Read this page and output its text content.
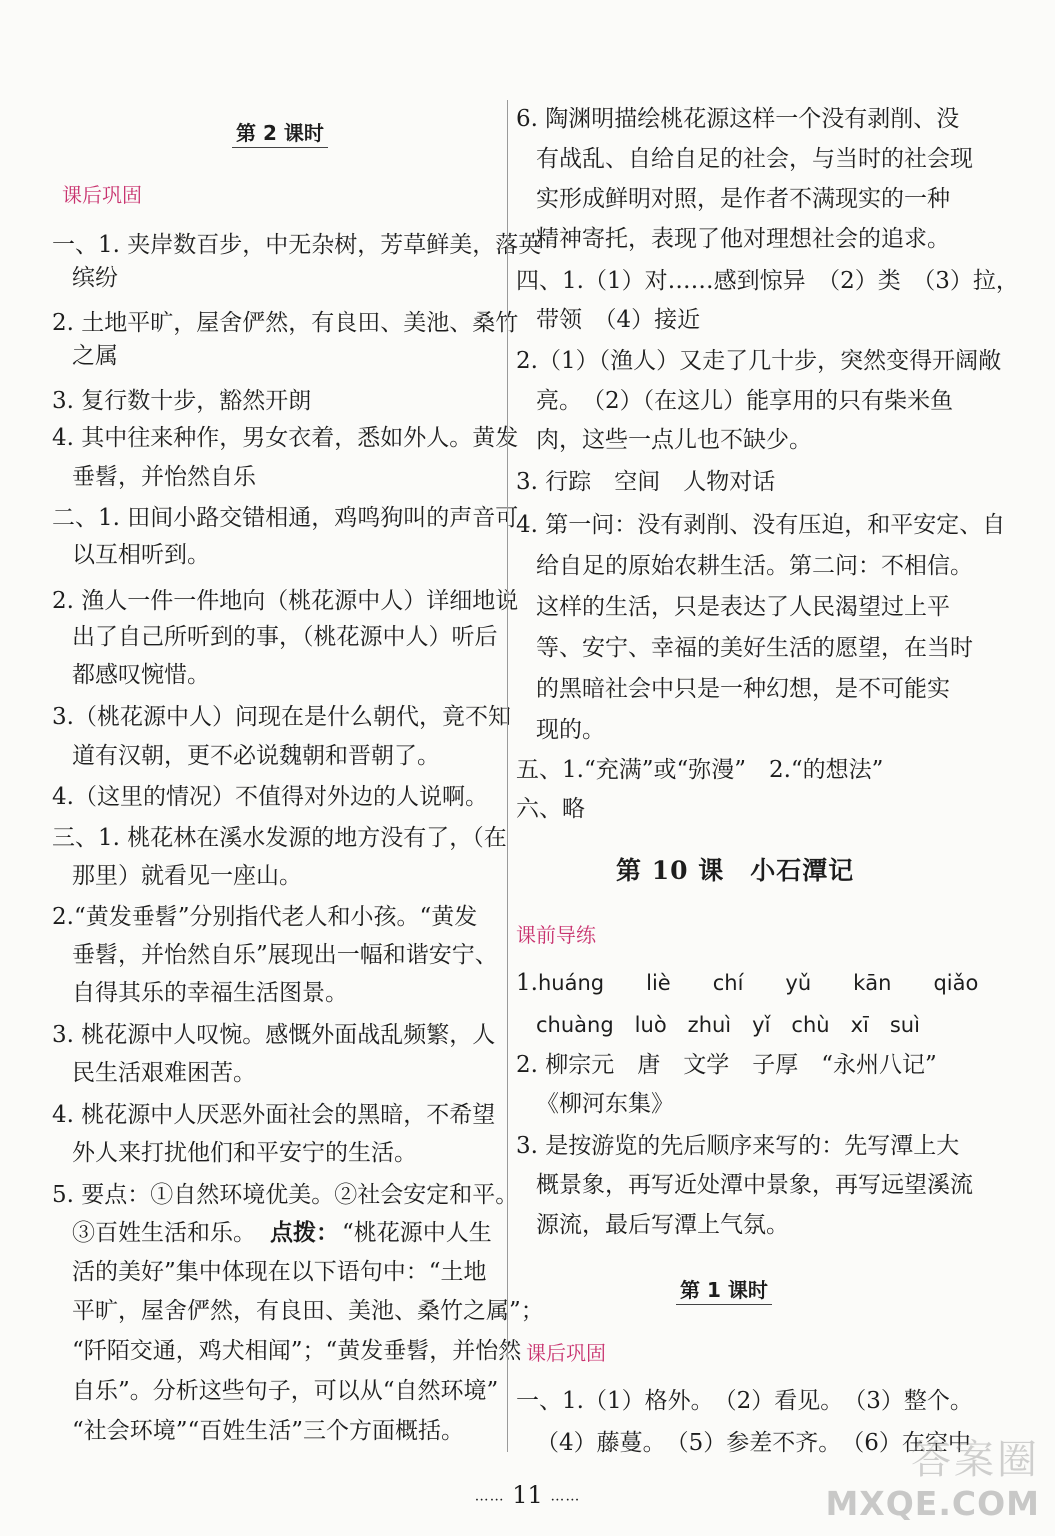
第 2 课时
课后巩固
一、1. 夹岸数百步，中无杂树，芳草鲜美，落英
缤纷
2. 土地平旷，屋舍俨然，有良田、美池、桑竹
之属
3. 复行数十步，豁然开朗
4. 其中往来种作，男女衣着，悉如外人。黄发
垂髫，并怡然自乐
二、1. 田间小路交错相通，鸡鸣狗叫的声音可
以互相听到。
2. 渔人一件一件地向（桃花源中人）详细地说
出了自己所听到的事，（桃花源中人）听后
都感叹惋惜。
3.（桃花源中人）问现在是什么朝代，竟不知
道有汉朝，更不必说魏朝和晋朝了。
4.（这里的情况）不值得对外边的人说啊。
三、1. 桃花林在溪水发源的地方没有了，（在
那里）就看见一座山。
2.“黄发垂髫”分别指代老人和小孩。“黄发
垂髫，并怡然自乐”展现出一幅和谐安宁、
自得其乐的幸福生活图景。
3. 桃花源中人叹惋。感慨外面战乱频繁，人
民生活艰难困苦。
4. 桃花源中人厌恶外面社会的黑暗，不希望
外人来打扰他们和平安宁的生活。
5. 要点：①自然环境优美。②社会安定和平。
③百姓生活和乐。 点拨： “桃花源中人生
活的美好”集中体现在以下语句中：“土地
平旷，屋舍俨然，有良田、美池、桑竹之属”；
“阡陌交通，鸡犬相闻”；“黄发垂髫，并怡然
自乐”。分析这些句子，可以从“自然环境”
“社会环境”“百姓生活”三个方面概括。
6. 陶渊明描绘桃花源这样一个没有剥削、没
有战乱、自给自足的社会，与当时的社会现
实形成鲜明对照，是作者不满现实的一种
精神寄托，表现了他对理想社会的追求。
四、1.（1）对……感到惊异　（2）类　（3）拉，
带领　（4）接近
2.（1）（渔人）又走了几十步，突然变得开阔敞
亮。　（2）（在这儿）能享用的只有柴米鱼
肉，这些一点儿也不缺少。
3. 行踪　空间　人物对话
4. 第一问：没有剥削、没有压迫，和平安定、自
给自足的原始农耕生活。第二问：不相信。
这样的生活，只是表达了人民渴望过上平
等、安宁、幸福的美好生活的愿望，在当时
的黑暗社会中只是一种幻想，是不可能实
现的。
五、1.“充满”或“弥漫”　2.“的想法”
六、略
第 10 课　小石潭记
课前导练
1. huáng　　liè　　chí　　yǔ　　kān　　qiǎo
chuàng　luò　zhuì　yǐ　chù　xī　suì
2. 柳宗元　唐　文学　子厚　“永州八记”
《柳河东集》
3. 是按游览的先后顺序来写的：先写潭上大
概景象，再写近处潭中景象，再写远望溪流
源流，最后写潭上气氛。
第 1 课时
课后巩固
一、1.（1）格外。　（2）看见。　（3）整个。
（4）藤蔓。　（5）参差不齐。　（6）在空中
…… 11 ……
答案圈
MXQE.COM
